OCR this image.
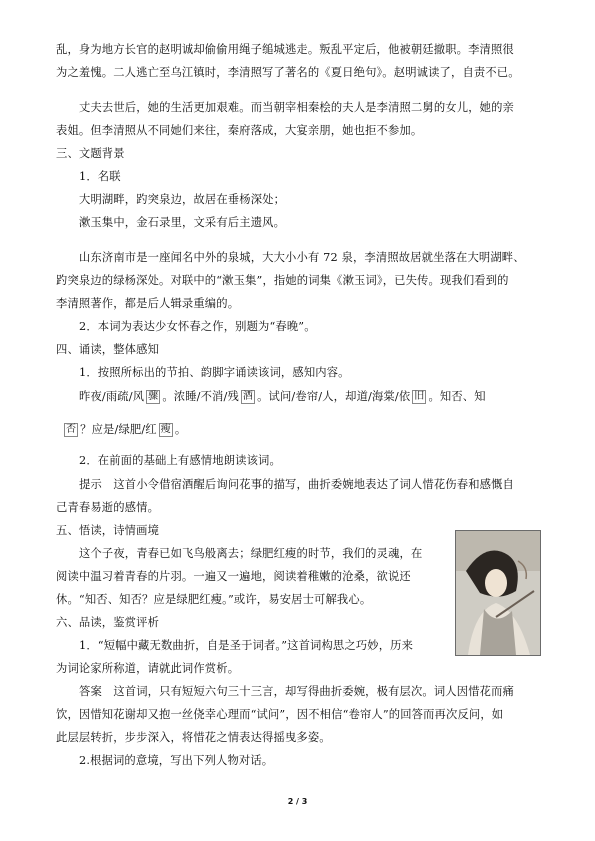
乱，身为地方长官的赵明诚却偷偷用绳子缒城逃走。叛乱平定后，他被朝廷撤职。李清照很
为之羞愧。二人逃亡至乌江镇时，李清照写了著名的《夏日绝句》。赵明诚读了，自责不已。
丈夫去世后，她的生活更加艰难。而当朝宰相秦桧的夫人是李清照二舅的女儿，她的亲
表姐。但李清照从不同她们来往，秦府落成，大宴亲朋，她也拒不参加。
三、文题背景
1．名联
大明湖畔，趵突泉边，故居在垂杨深处；
漱玉集中，金石录里，文采有后主遗风。
山东济南市是一座闻名中外的泉城，大大小小有 72 泉，李清照故居就坐落在大明湖畔、
趵突泉边的绿杨深处。对联中的“漱玉集”，指她的词集《漱玉词》，已失传。现我们看到的
李清照著作，都是后人辑录重编的。
2．本词为表达少女怀春之作，别题为“春晚”。
四、诵读，整体感知
1．按照所标出的节拍、韵脚字诵读该词，感知内容。
昨夜/雨疏/风 骤 。浓睡/不消/残 酒 。试问/卷帘/人，却道/海棠/依 旧 。知否、知
否 ？应是/绿肥/红 瘦 。
2．在前面的基础上有感情地朗读该词。
提示　这首小令借宿酒醒后询问花事的描写，曲折委婉地表达了词人惜花伤春和感慨自
己青春易逝的感情。
五、悟读，诗情画境
这个子夜，青春已如飞鸟般离去；绿肥红瘦的时节，我们的灵魂，在
阅读中温习着青春的片羽。一遍又一遍地，阅读着稚嫩的沧桑，欲说还
休。“知否、知否？应是绿肥红瘦。”或许，易安居士可解我心。
六、品读，鉴赏评析
1．“短幅中藏无数曲折，自是圣于词者。”这首词构思之巧妙，历来
为词论家所称道，请就此词作赏析。
答案　这首词，只有短短六句三十三言，却写得曲折委婉，极有层次。词人因惜花而痛
饮，因惜知花谢却又抱一丝侥幸心理而“试问”，因不相信“卷帘人”的回答而再次反问，如
此层层转折，步步深入，将惜花之情表达得摇曳多姿。
2.根据词的意境，写出下列人物对话。
2 / 3
